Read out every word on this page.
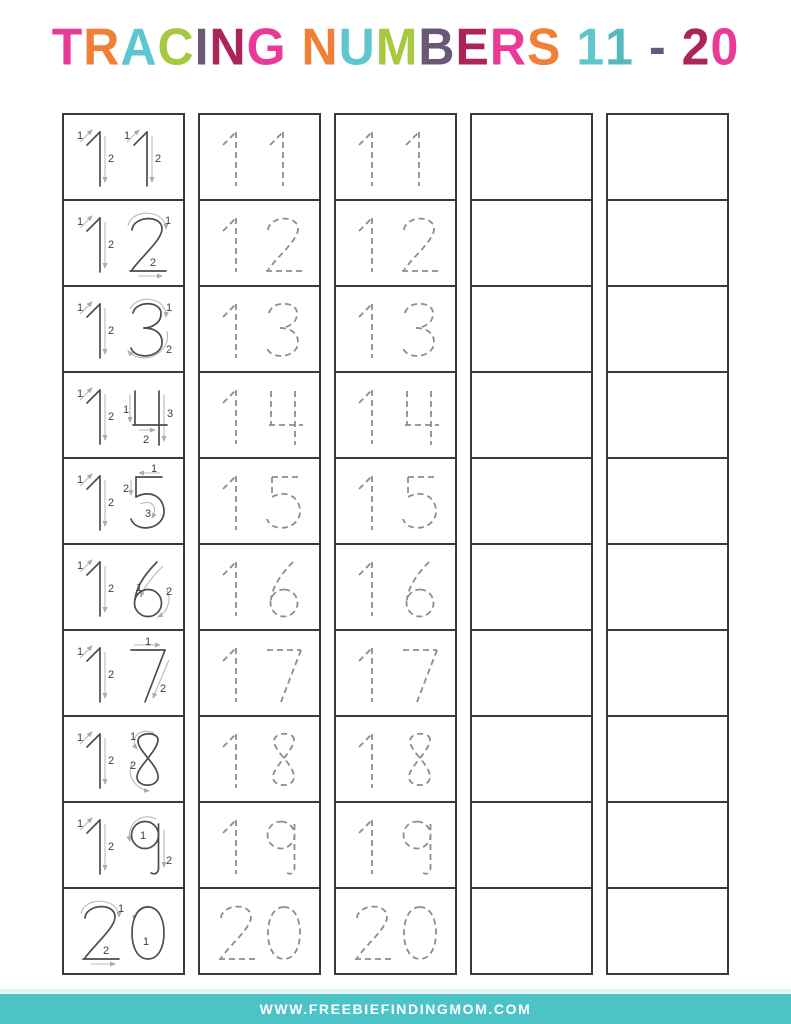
T R A C I N G N U M B E R S 1 1 - 2 0
1
2
1
2
1
2
1
2
1
2
1
2
1
2
1
2
3
1
2
1
2
3
1
2 1 2
1
2
1
2
1
2
1
2
1
2
1
2
1
2
1
WWW.FREEBIEFINDINGMOM.COM
